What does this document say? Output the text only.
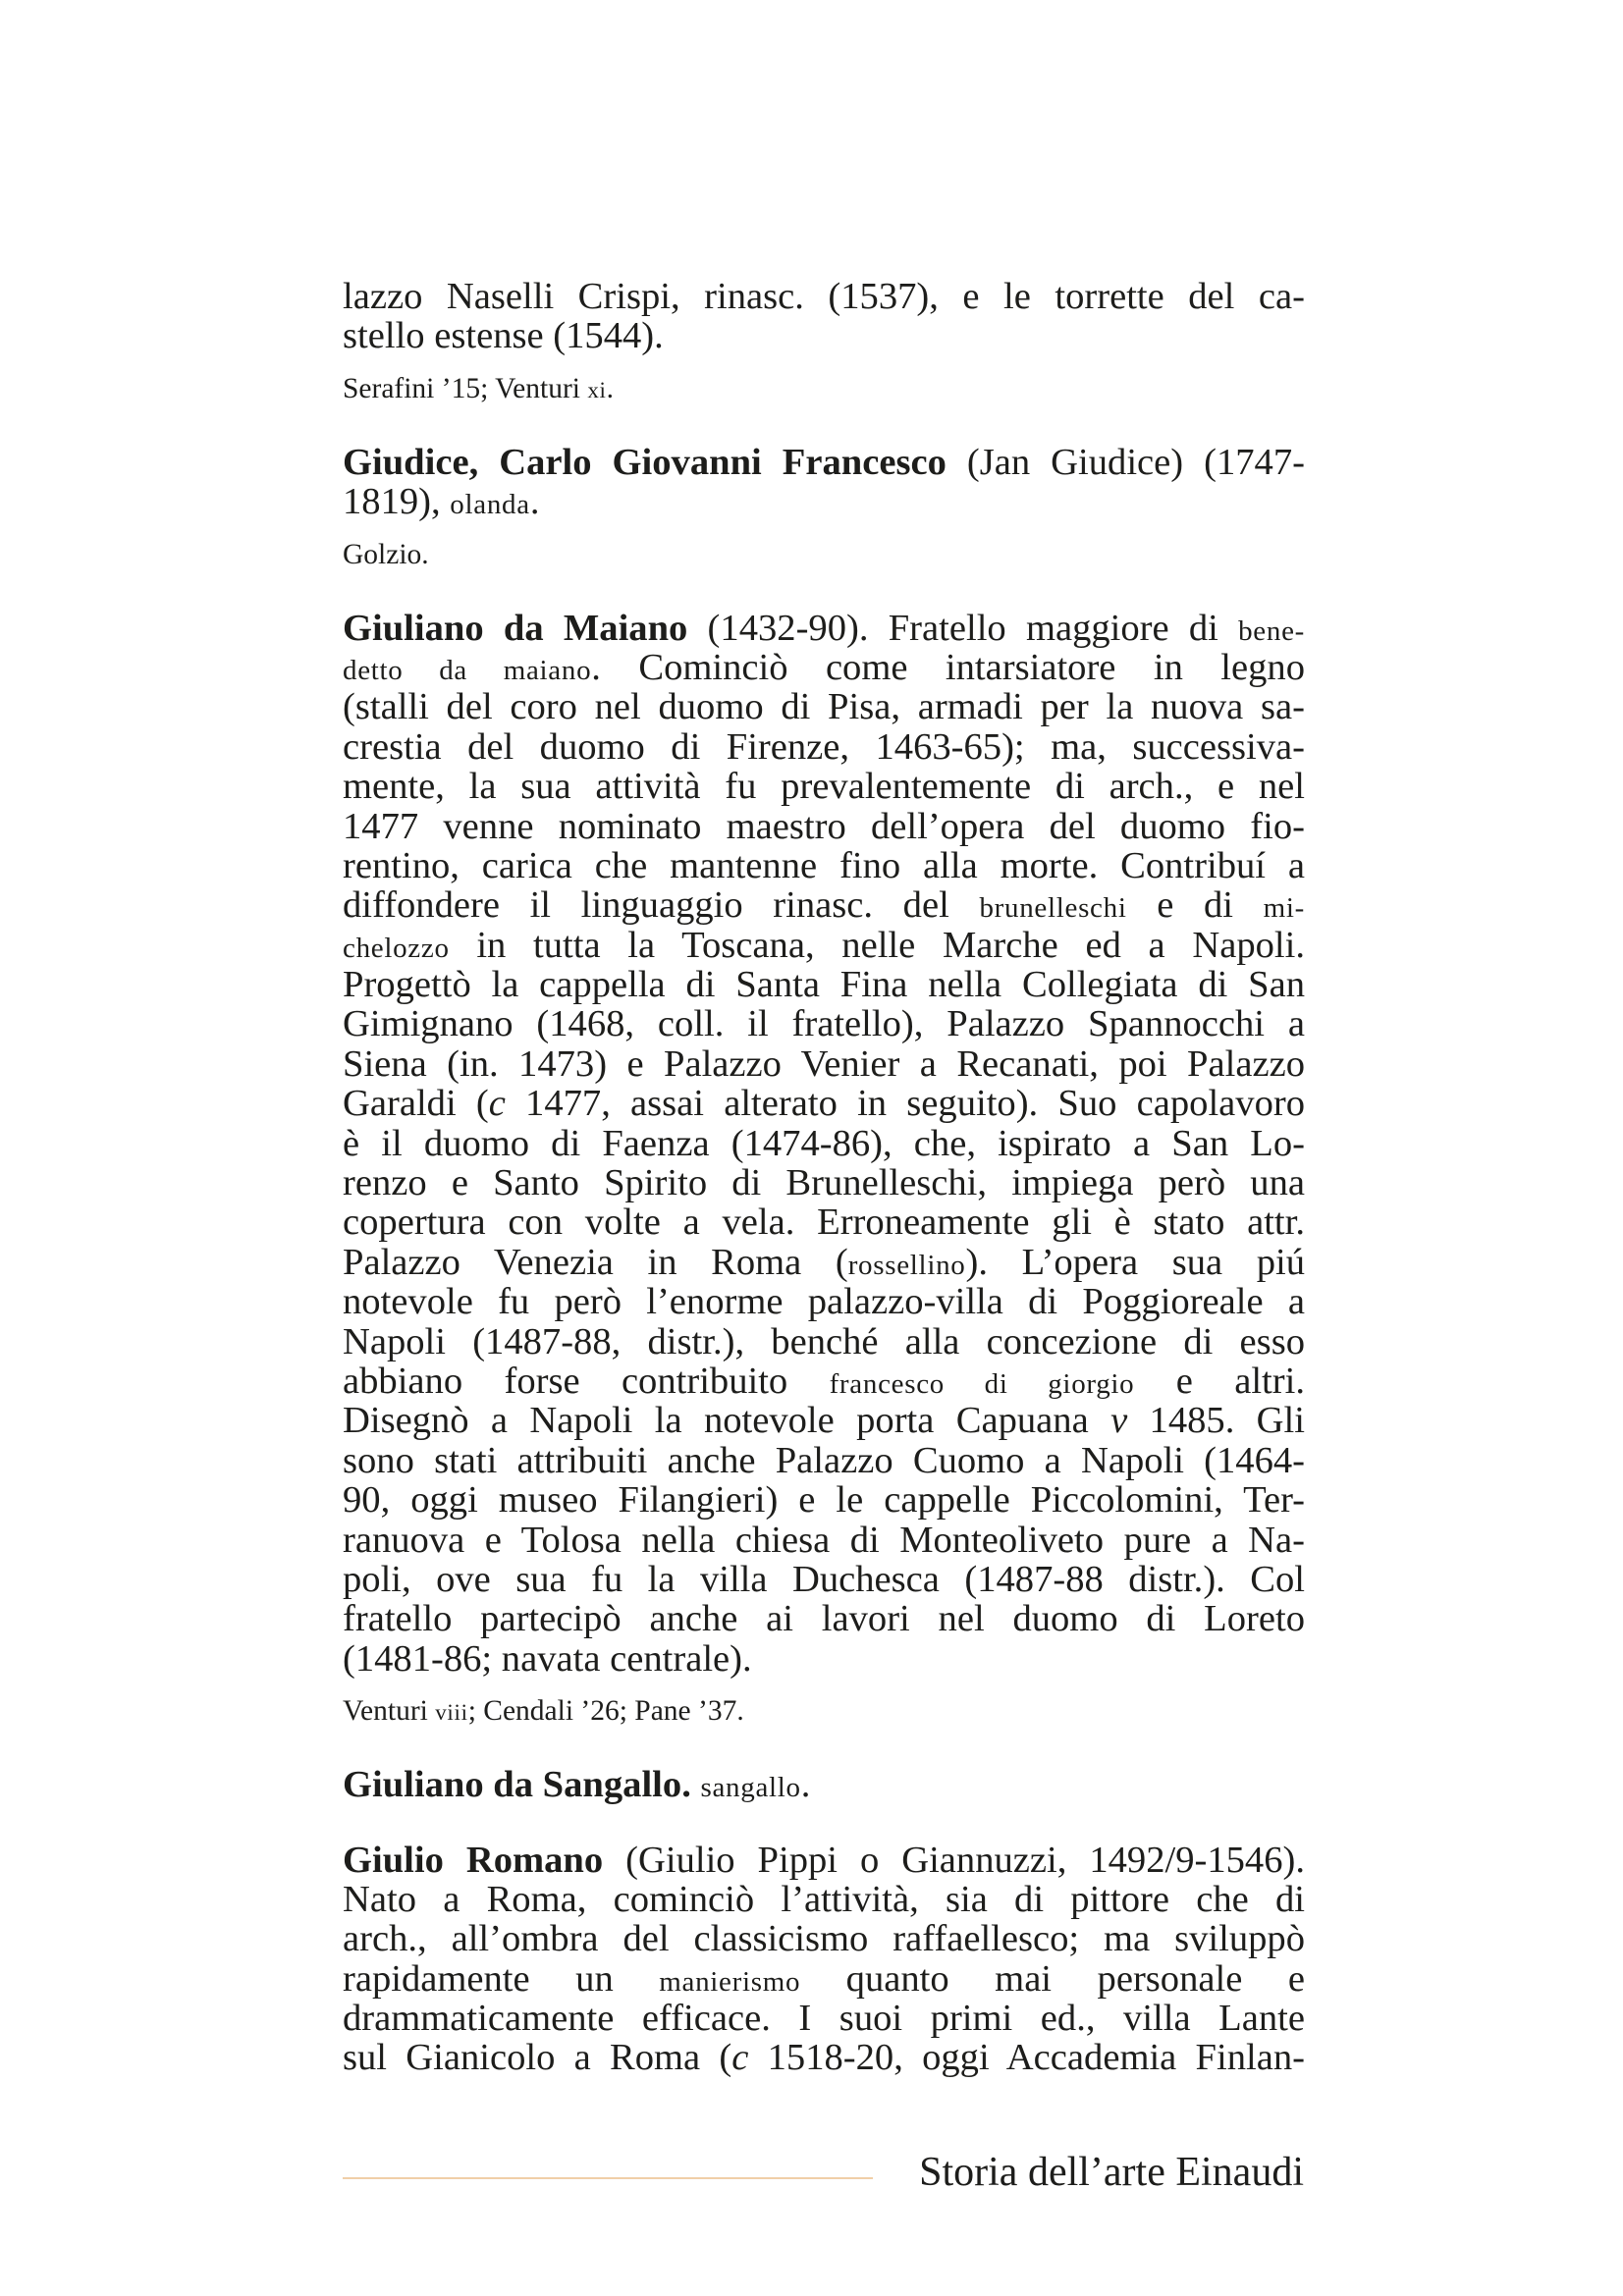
lazzo Naselli Crispi, rinasc. (1537), e le torrette del ca-
stello estense (1544).
Serafini ’15; Venturi xi.
Giudice, Carlo Giovanni Francesco (Jan Giudice) (1747-
1819), olanda.
Golzio.
Giuliano da Maiano (1432-90). Fratello maggiore di bene-
detto da maiano. Cominciò come intarsiatore in legno
(stalli del coro nel duomo di Pisa, armadi per la nuova sa-
crestia del duomo di Firenze, 1463-65); ma, successiva-
mente, la sua attività fu prevalentemente di arch., e nel
1477 venne nominato maestro dell’opera del duomo fio-
rentino, carica che mantenne fino alla morte. Contribuí a
diffondere il linguaggio rinasc. del brunelleschi e di mi-
chelozzo in tutta la Toscana, nelle Marche ed a Napoli.
Progettò la cappella di Santa Fina nella Collegiata di San
Gimignano (1468, coll. il fratello), Palazzo Spannocchi a
Siena (in. 1473) e Palazzo Venier a Recanati, poi Palazzo
Garaldi (c 1477, assai alterato in seguito). Suo capolavoro
è il duomo di Faenza (1474-86), che, ispirato a San Lo-
renzo e Santo Spirito di Brunelleschi, impiega però una
copertura con volte a vela. Erroneamente gli è stato attr.
Palazzo Venezia in Roma (rossellino). L’opera sua piú
notevole fu però l’enorme palazzo-villa di Poggioreale a
Napoli (1487-88, distr.), benché alla concezione di esso
abbiano forse contribuito francesco di giorgio e altri.
Disegnò a Napoli la notevole porta Capuana v 1485. Gli
sono stati attribuiti anche Palazzo Cuomo a Napoli (1464-
90, oggi museo Filangieri) e le cappelle Piccolomini, Ter-
ranuova e Tolosa nella chiesa di Monteoliveto pure a Na-
poli, ove sua fu la villa Duchesca (1487-88 distr.). Col
fratello partecipò anche ai lavori nel duomo di Loreto
(1481-86; navata centrale).
Venturi viii; Cendali ’26; Pane ’37.
Giuliano da Sangallo. sangallo.
Giulio Romano (Giulio Pippi o Giannuzzi, 1492/9-1546).
Nato a Roma, cominciò l’attività, sia di pittore che di
arch., all’ombra del classicismo raffaellesco; ma sviluppò
rapidamente un manierismo quanto mai personale e
drammaticamente efficace. I suoi primi ed., villa Lante
sul Gianicolo a Roma (c 1518-20, oggi Accademia Finlan-
Storia dell’arte Einaudi
